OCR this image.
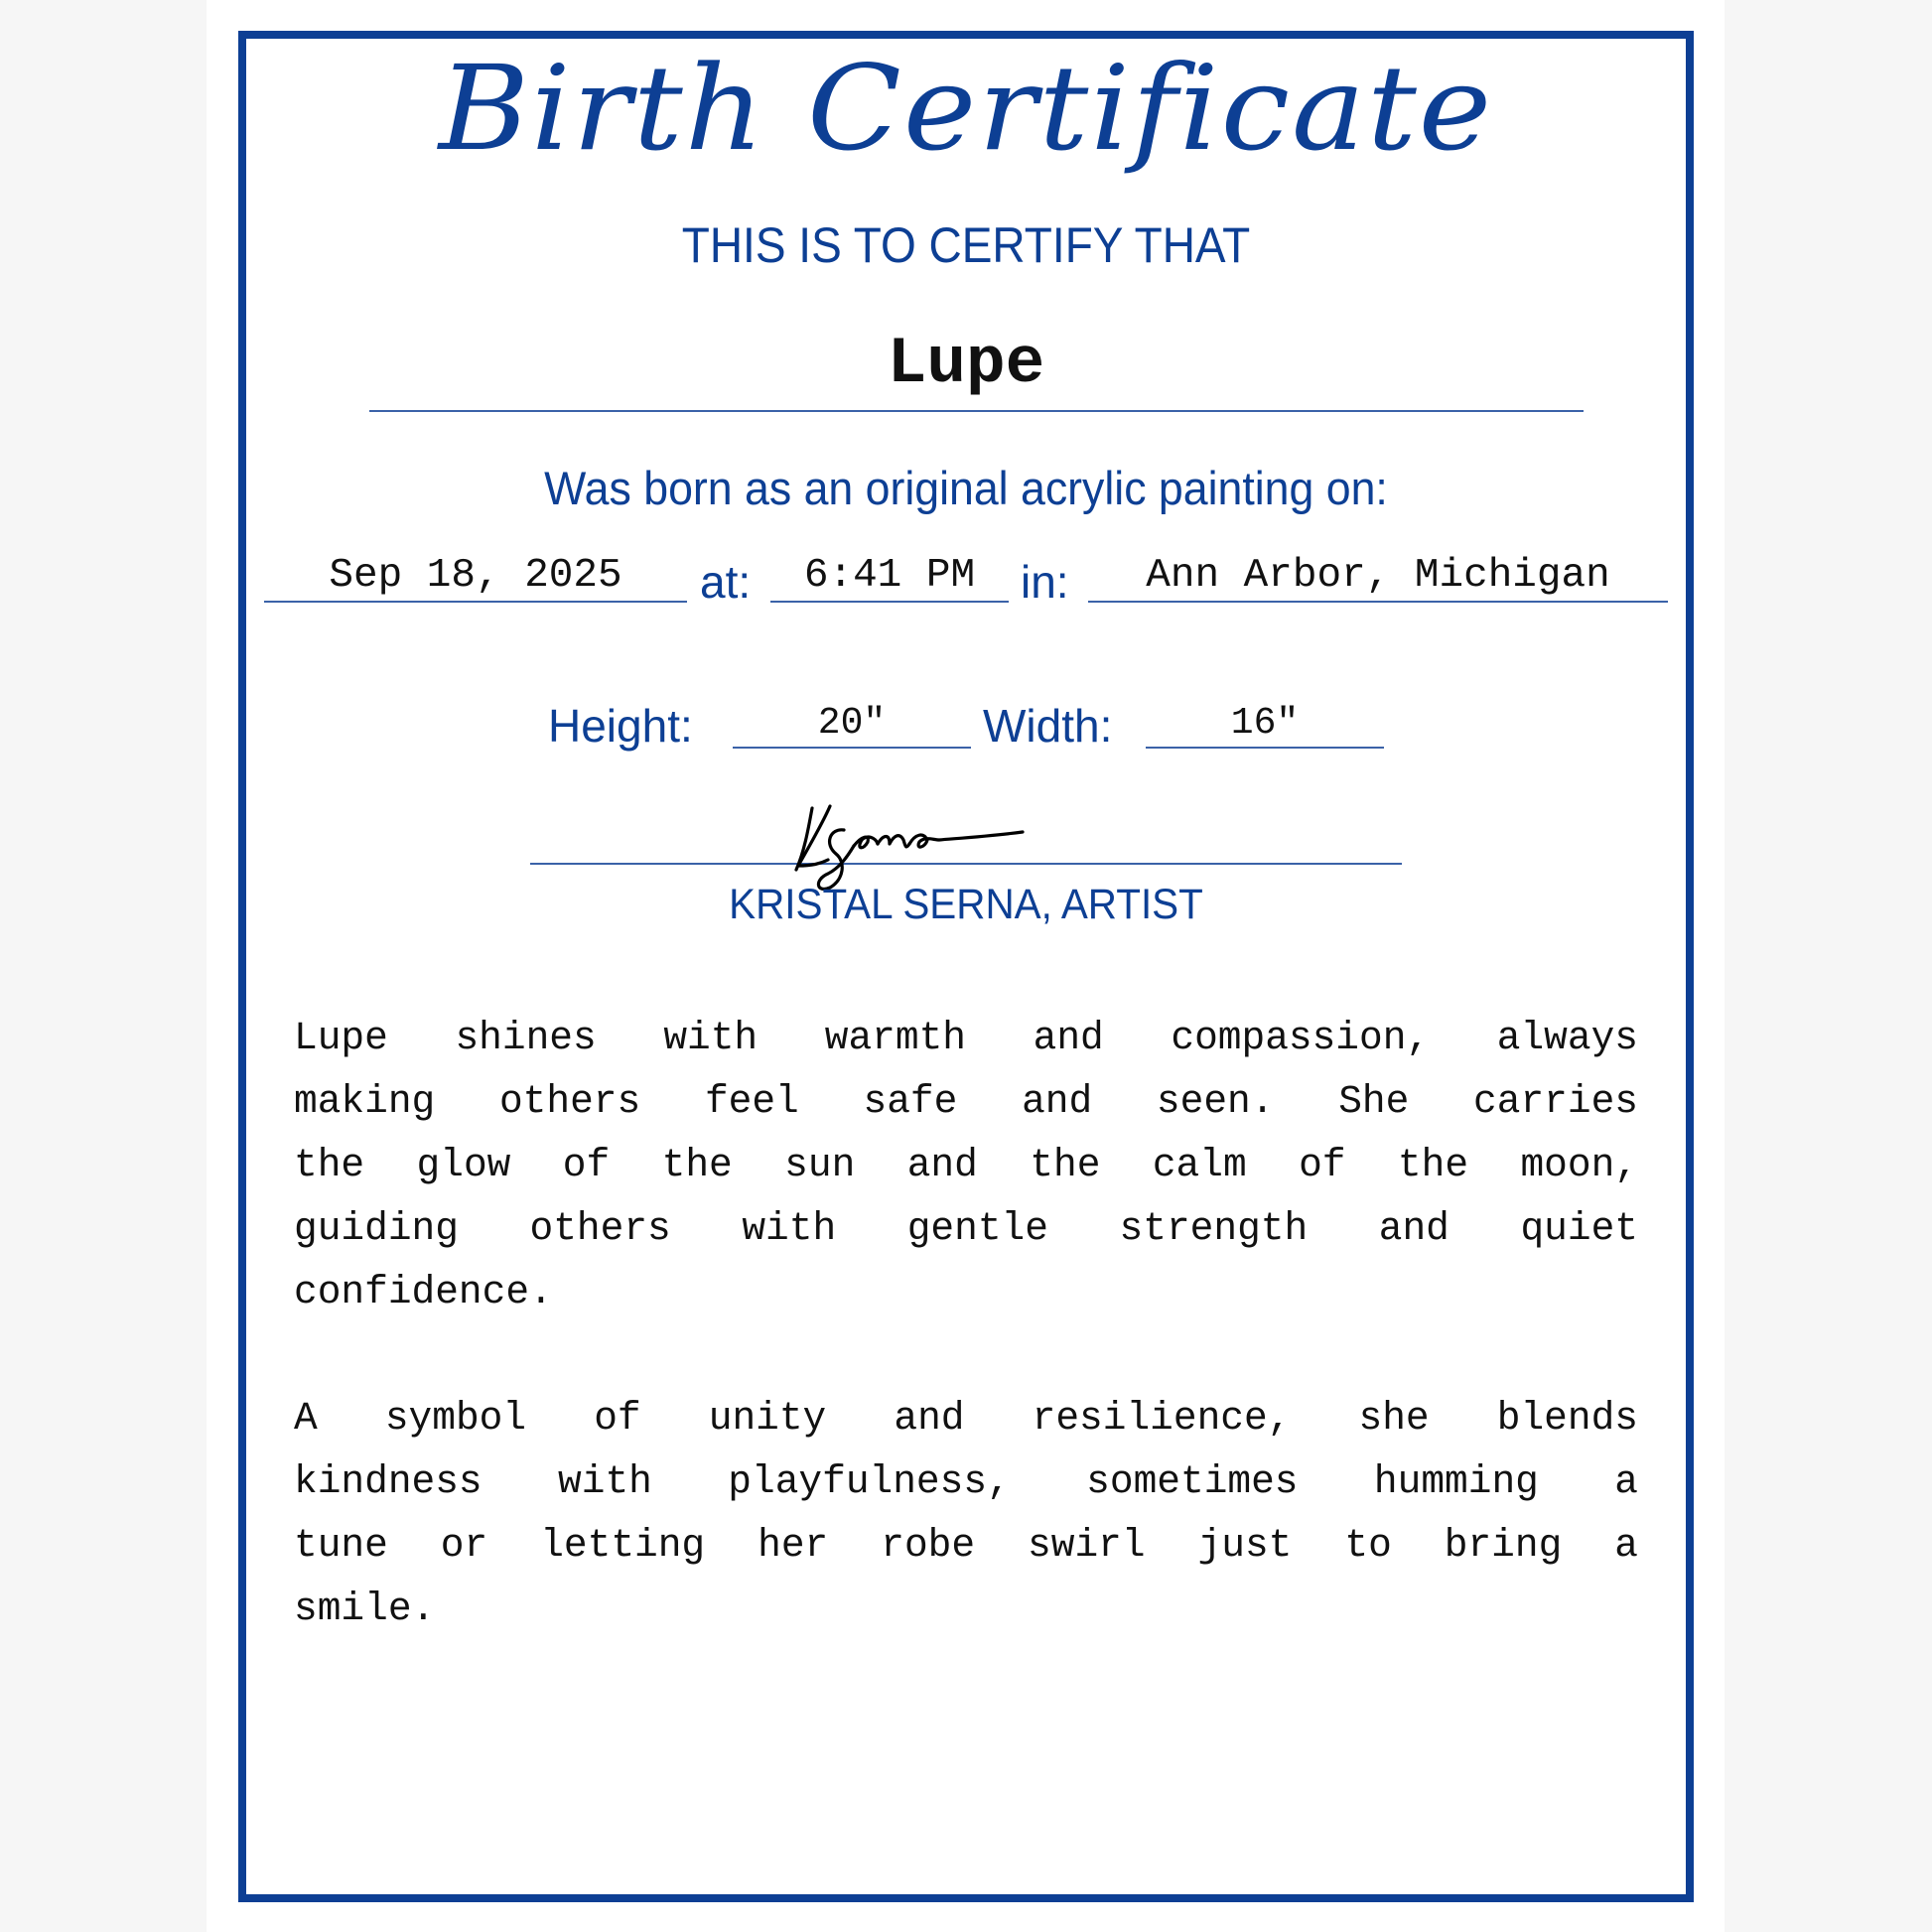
Birth Certificate
THIS IS TO CERTIFY THAT
Lupe
Was born as an original acrylic painting on:
Sep 18, 2025	at:	6:41 PM in:	Ann Arbor, Michigan
Height:	20"	Width:	16"
KRISTAL SERNA, ARTIST
Lupe shines with warmth and compassion, always
making others feel safe and seen. She carries
the glow of the sun and the calm of the moon,
guiding others with gentle strength and quiet
confidence.
A symbol of unity and resilience, she blends
kindness with playfulness, sometimes humming a
tune or letting her robe swirl just to bring a
smile.
